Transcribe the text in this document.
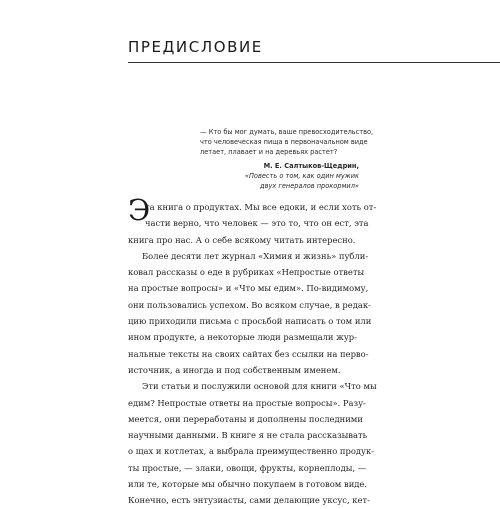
ПРЕДИСЛОВИЕ
— Кто бы мог думать, ваше превосходительство,
что человеческая пища в первоначальном виде
летает, плавает и на деревьях растет?
М. Е. Салтыков-Щедрин,
«Повесть о том, как один мужик
двух генералов прокормил»
Э
та книга о продуктах. Мы все едоки, и если хоть от-
части верно, что человек — это то, что он ест, эта
книга про нас. А о себе всякому читать интересно.
Более десяти лет журнал «Химия и жизнь» публи-
ковал рассказы о еде в рубриках «Непростые ответы
на простые вопросы» и «Что мы едим». По-видимому,
они пользовались успехом. Во всяком случае, в редак-
цию приходили письма с просьбой написать о том или
ином продукте, а некоторые люди размещали жур-
нальные тексты на своих сайтах без ссылки на перво-
источник, а иногда и под собственным именем.
Эти статьи и послужили основой для книги «Что мы
едим? Непростые ответы на простые вопросы». Разу-
меется, они переработаны и дополнены последними
научными данными. В книге я не стала рассказывать
о щах и котлетах, а выбрала преимущественно продук-
ты простые, — злаки, овощи, фрукты, корнеплоды, —
или те, которые мы обычно покупаем в готовом виде.
Конечно, есть энтузиасты, сами делающие уксус, кет-
